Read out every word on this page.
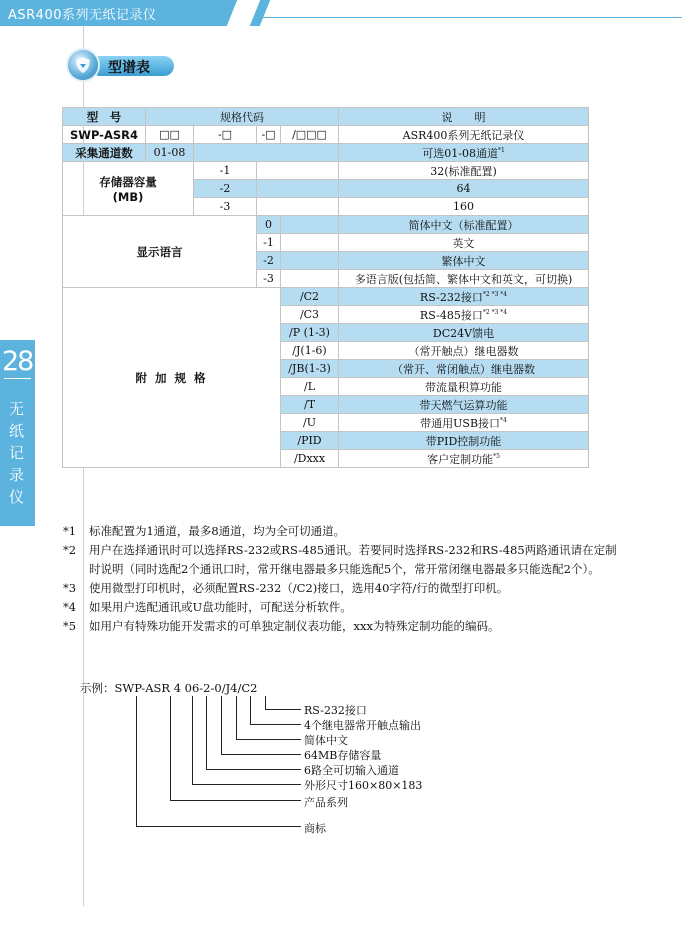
ASR400系列无纸记录仪
型谱表
28
无
纸
记
录
仪
型　号	规格代码				说　　明
SWP-ASR4	□□	-□	-□	/□□□	ASR400系列无纸记录仪
采集通道数	01-08				可选01-08通道$^{*1}$

存储器容量
(MB)		-1			32(标准配置)
		-2			64
		-3			160
显示语言			0		简体中文（标准配置）
			-1		英文
			-2		繁体中文
			-3		多语言版(包括简、繁体中文和英文，可切换)
附 加 规 格				/C2	RS-232接口$^{*2 *3 *4}$
				/C3	RS-485接口$^{*2 *3 *4}$
				/P (1-3)	DC24V馈电
				/J(1-6)	（常开触点）继电器数
				/JB(1-3)	（常开、常闭触点）继电器数
				/L	带流量积算功能
				/T	带天燃气运算功能
				/U	带通用USB接口$^{*4}$
				/PID	带PID控制功能
				/Dxxx	客户定制功能$^{*5}$
*1	标准配置为1通道，最多8通道，均为全可切通道。
*2	用户在选择通讯时可以选择RS-232或RS-485通讯。若要同时选择RS-232和RS-485两路通讯请在定制时说明（同时选配2个通讯口时，常开继电器最多只能选配5个，常开常闭继电器最多只能选配2个）。
*3	使用微型打印机时，必须配置RS-232（/C2)接口，选用40字符/行的微型打印机。
*4	如果用户选配通讯或U盘功能时，可配送分析软件。
*5	如用户有特殊功能开发需求的可单独定制仪表功能，xxx为特殊定制功能的编码。
示例：SWP-ASR 4 06-2-0/J4/C2
RS-232接口
4个继电器常开触点输出
简体中文
64MB存储容量
6路全可切输入通道
外形尺寸160×80×183
产品系列
商标
